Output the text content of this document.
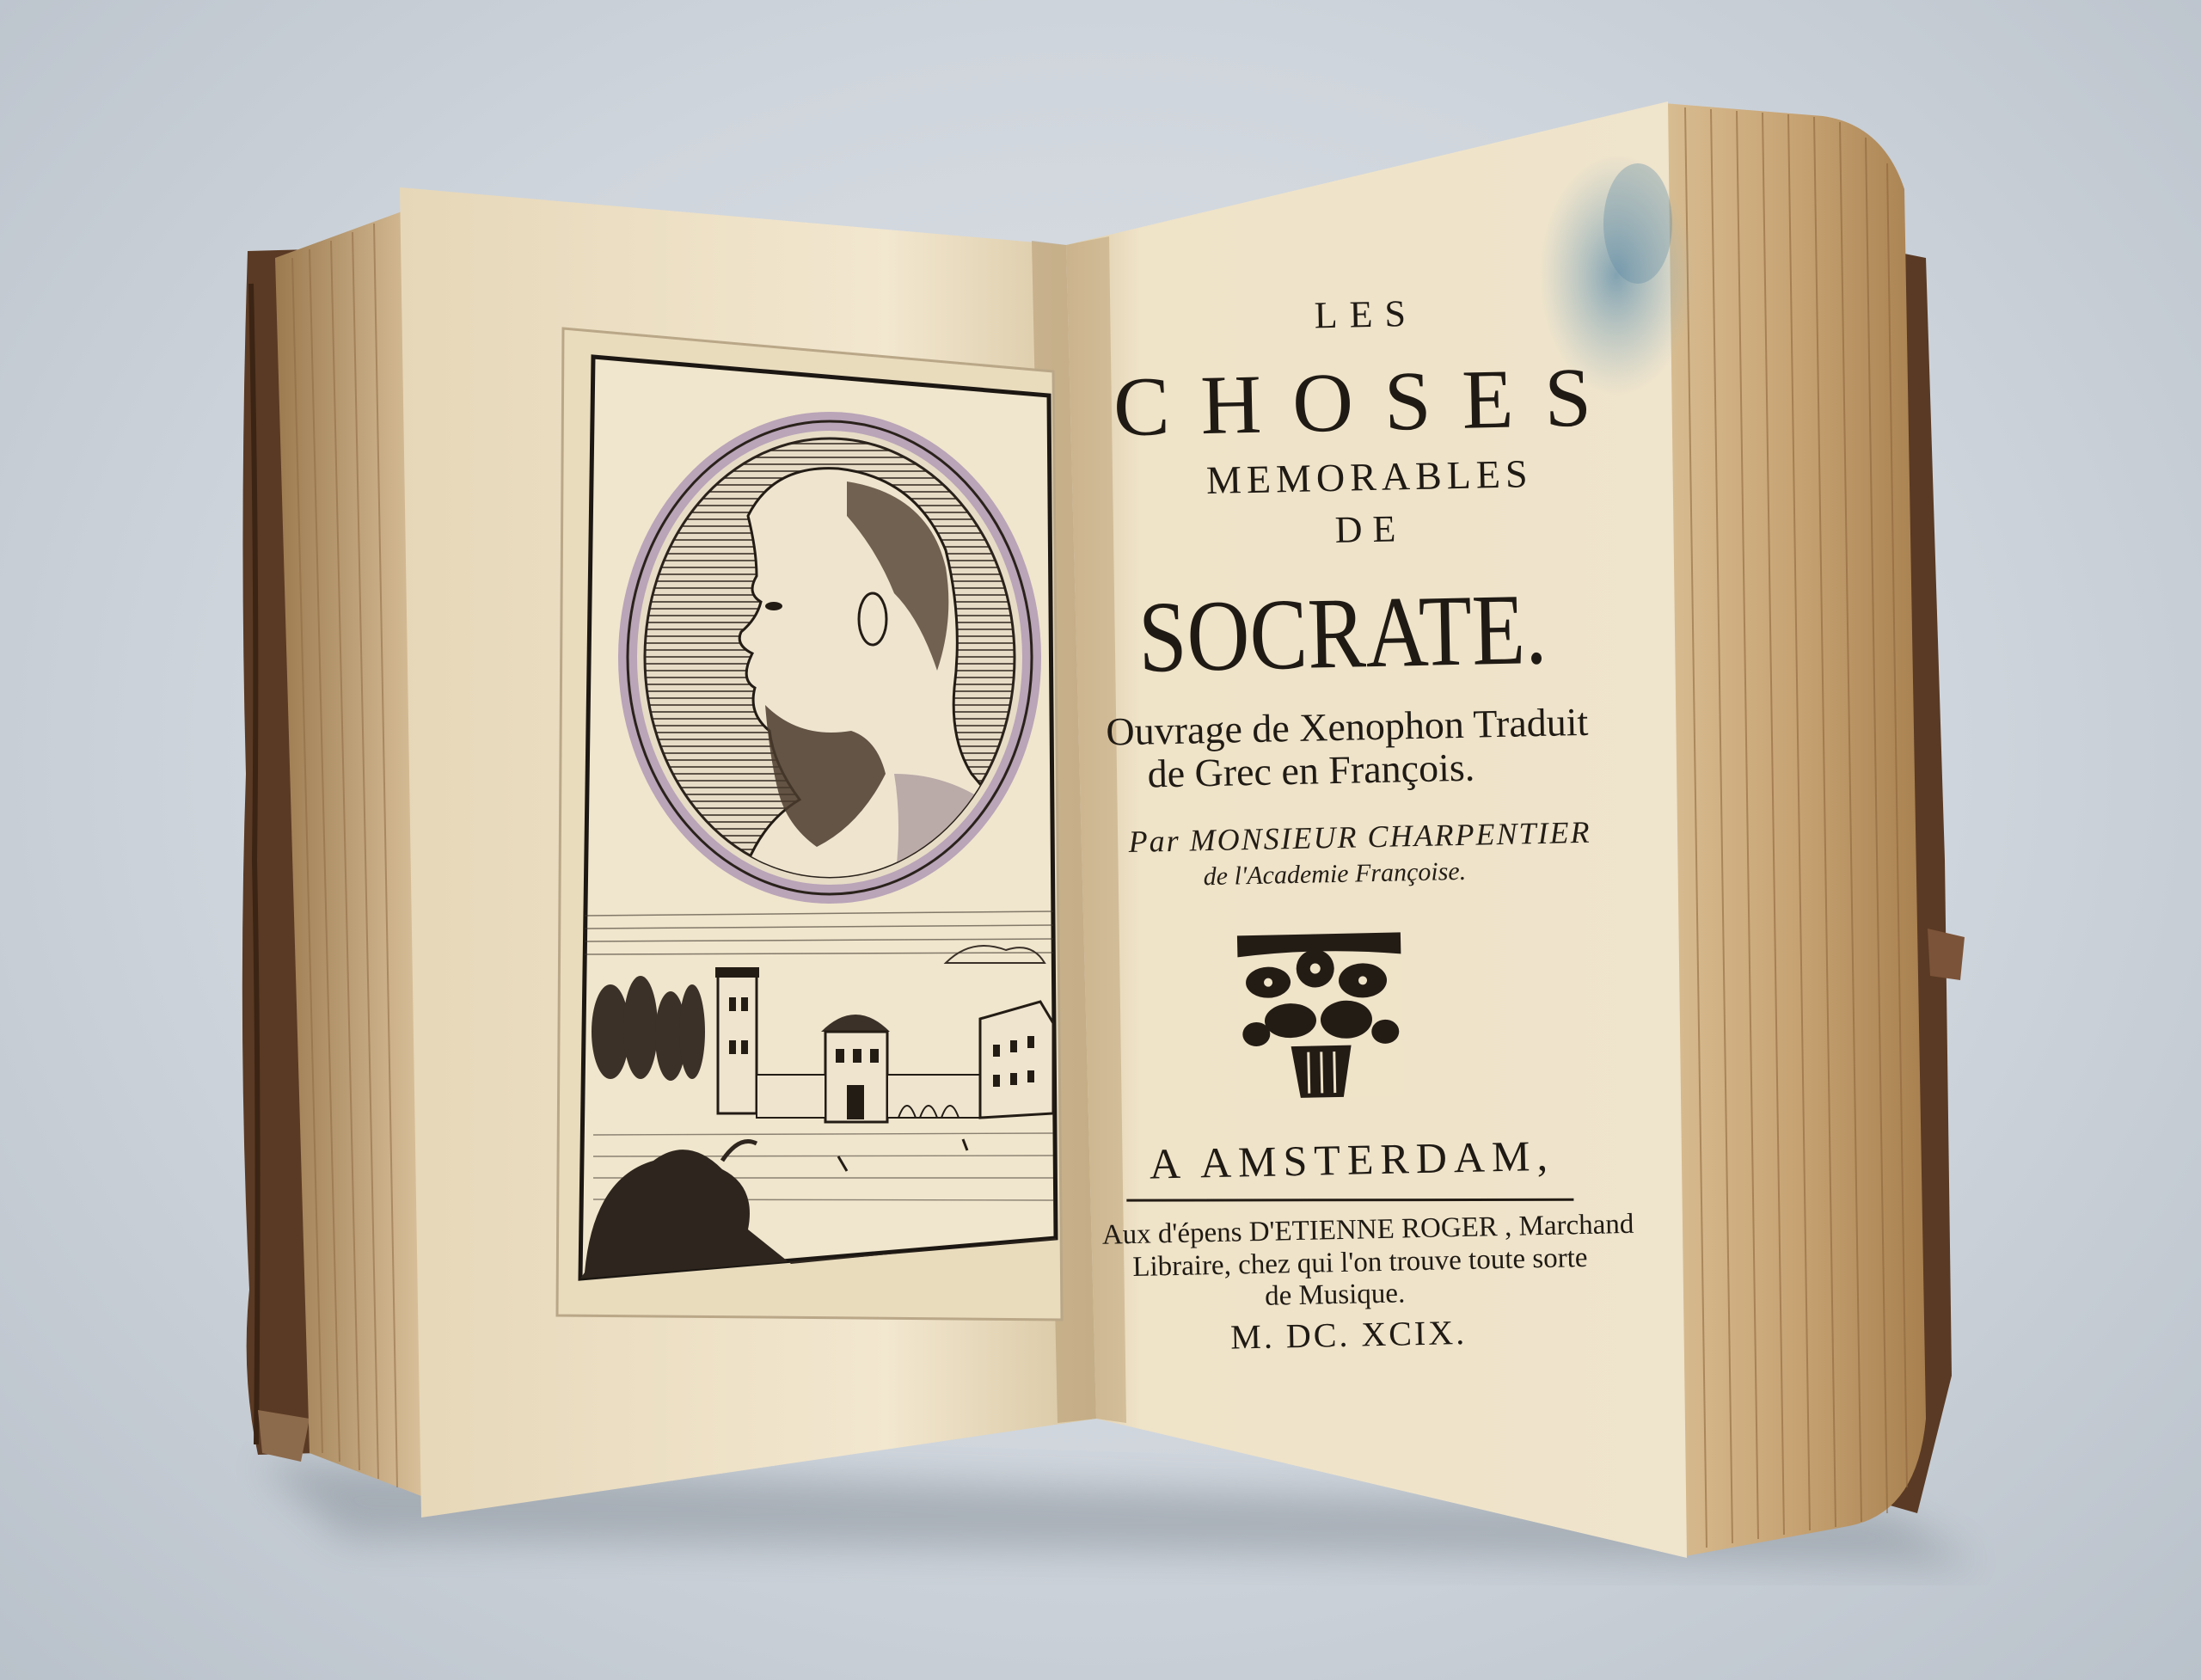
LES
CHOSES
MEMORABLES
DE
SOCRATE.
Ouvrage de Xenophon Traduit
de Grec en François.
Par MONSIEUR CHARPENTIER
de l'Academie Françoise.
A AMSTERDAM,
Aux d'épens D'ETIENNE ROGER , Marchand
Libraire, chez qui l'on trouve toute sorte
de Musique.
M. DC. XCIX.
